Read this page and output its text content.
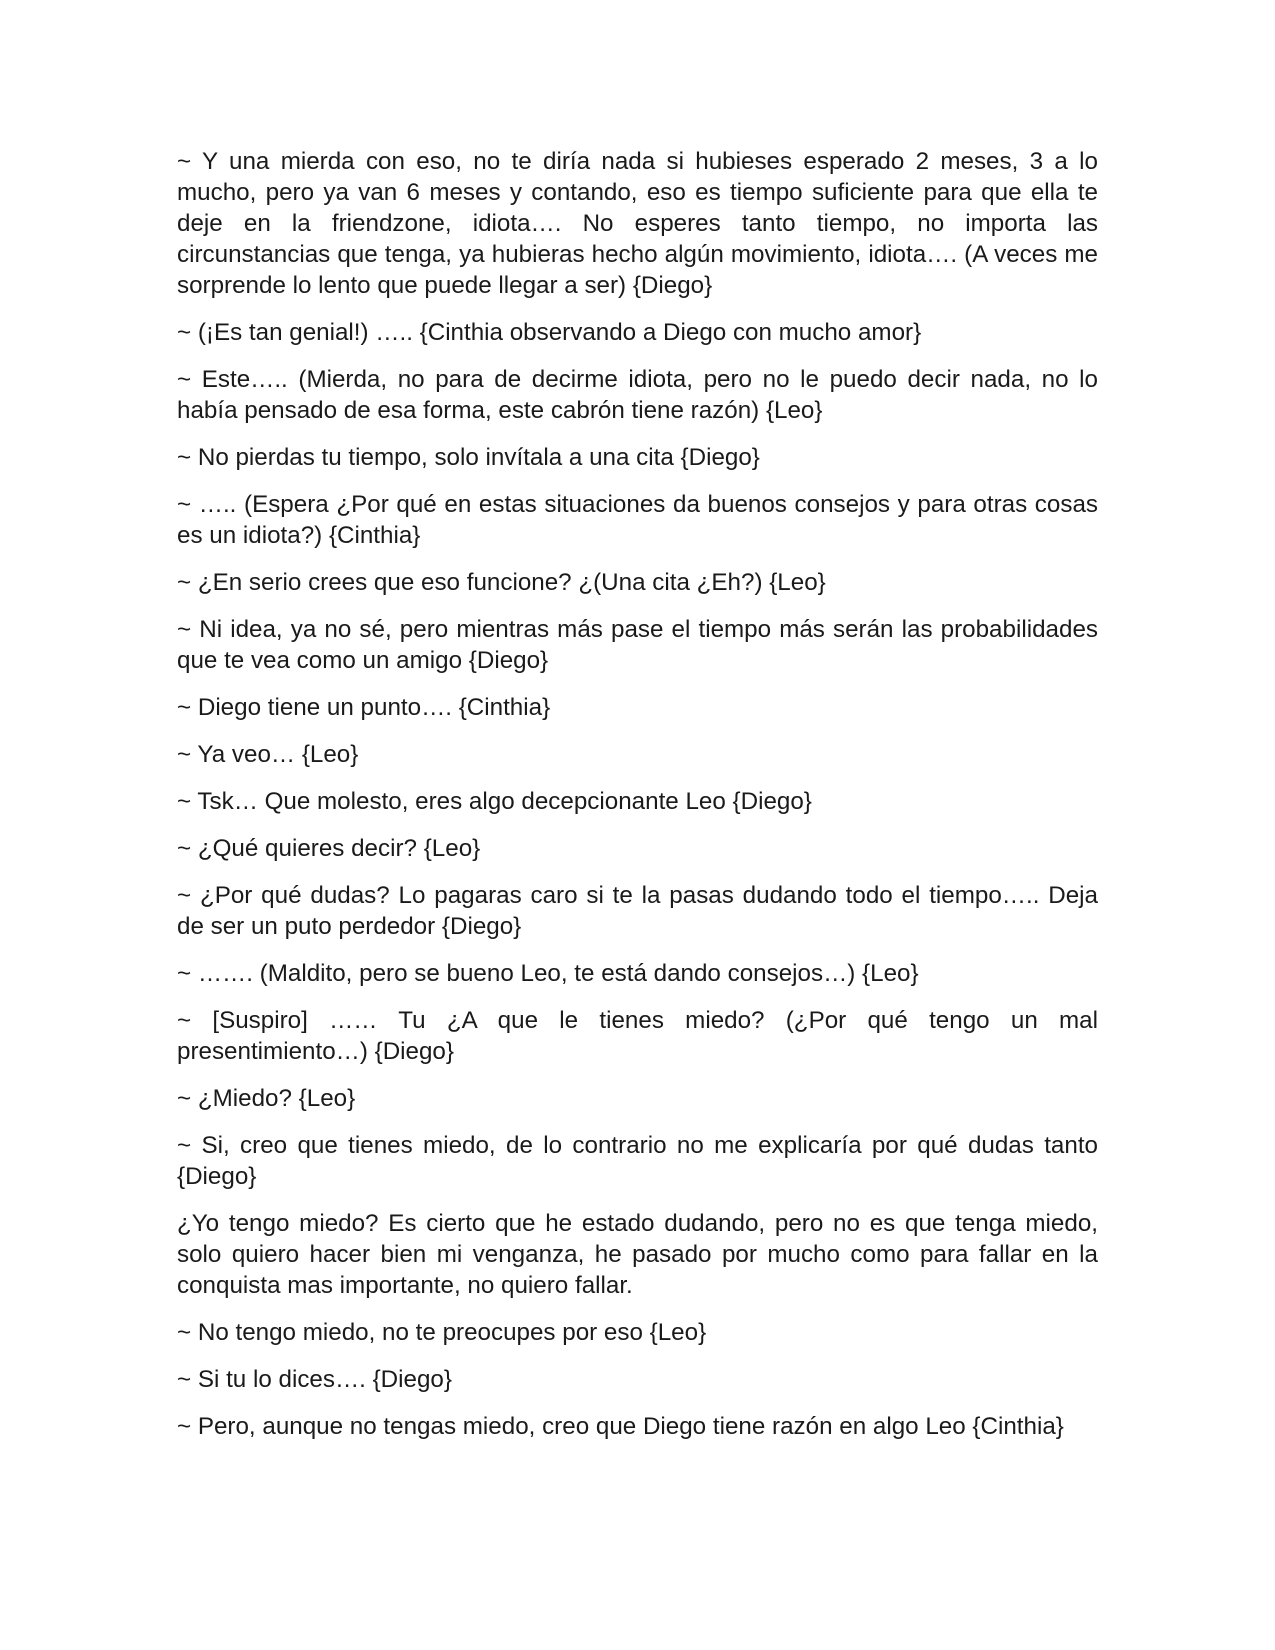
~ Y una mierda con eso, no te diría nada si hubieses esperado 2 meses, 3 a lo mucho, pero ya van 6 meses y contando, eso es tiempo suficiente para que ella te deje en la friendzone, idiota…. No esperes tanto tiempo, no importa las circunstancias que tenga, ya hubieras hecho algún movimiento, idiota…. (A veces me sorprende lo lento que puede llegar a ser) {Diego}

~ (¡Es tan genial!) ….. {Cinthia observando a Diego con mucho amor}

~ Este….. (Mierda, no para de decirme idiota, pero no le puedo decir nada, no lo había pensado de esa forma, este cabrón tiene razón) {Leo}

~ No pierdas tu tiempo, solo invítala a una cita {Diego}

~ ….. (Espera ¿Por qué en estas situaciones da buenos consejos y para otras cosas es un idiota?) {Cinthia}

~ ¿En serio crees que eso funcione? ¿(Una cita ¿Eh?) {Leo}

~ Ni idea, ya no sé, pero mientras más pase el tiempo más serán las probabilidades que te vea como un amigo {Diego}

~ Diego tiene un punto…. {Cinthia}

~ Ya veo… {Leo}

~ Tsk… Que molesto, eres algo decepcionante Leo {Diego}

~ ¿Qué quieres decir? {Leo}

~ ¿Por qué dudas? Lo pagaras caro si te la pasas dudando todo el tiempo….. Deja de ser un puto perdedor {Diego}

~ ……. (Maldito, pero se bueno Leo, te está dando consejos…) {Leo}

~ [Suspiro] …… Tu ¿A que le tienes miedo? (¿Por qué tengo un mal presentimiento…) {Diego}

~ ¿Miedo? {Leo}

~ Si, creo que tienes miedo, de lo contrario no me explicaría por qué dudas tanto {Diego}

¿Yo tengo miedo? Es cierto que he estado dudando, pero no es que tenga miedo, solo quiero hacer bien mi venganza, he pasado por mucho como para fallar en la conquista mas importante, no quiero fallar.

~ No tengo miedo, no te preocupes por eso {Leo}

~ Si tu lo dices…. {Diego}

~ Pero, aunque no tengas miedo, creo que Diego tiene razón en algo Leo {Cinthia}
